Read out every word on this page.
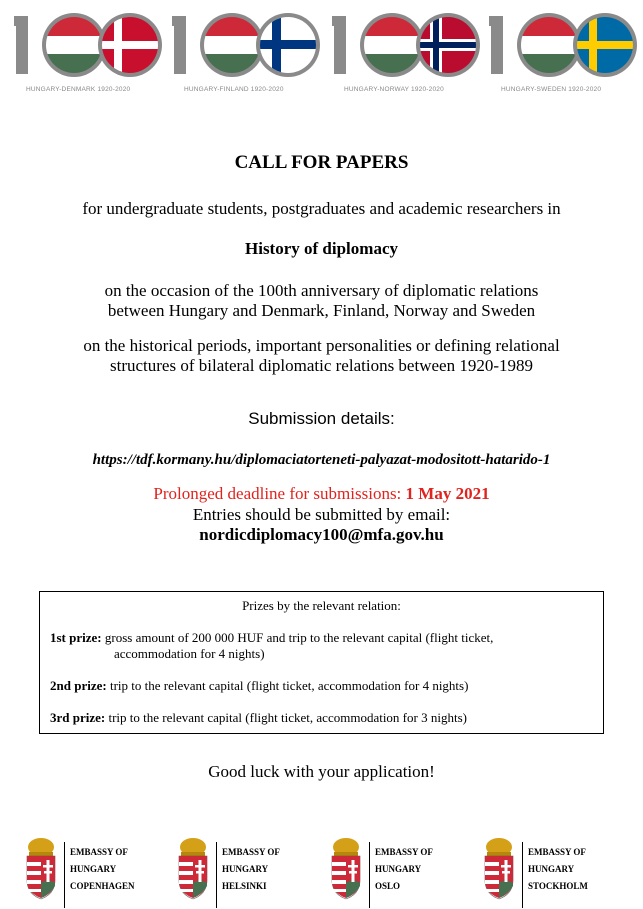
HUNGARY-DENMARK 1920-2020	HUNGARY-FINLAND 1920-2020	HUNGARY-NORWAY 1920-2020	HUNGARY-SWEDEN 1920-2020
CALL FOR PAPERS
for undergraduate students, postgraduates and academic researchers in
History of diplomacy
on the occasion of the 100th anniversary of diplomatic relations
between Hungary and Denmark, Finland, Norway and Sweden
on the historical periods, important personalities or defining relational
structures of bilateral diplomatic relations between 1920-1989
Submission details:
https://tdf.kormany.hu/diplomaciatorteneti-palyazat-modositott-hatarido-1
Prolonged deadline for submissions: 1 May 2021
Entries should be submitted by email:
nordicdiplomacy100@mfa.gov.hu
Prizes by the relevant relation:
1st prize: gross amount of 200 000 HUF and trip to the relevant capital (flight ticket,
accommodation for 4 nights)
2nd prize: trip to the relevant capital (flight ticket, accommodation for 4 nights)
3rd prize: trip to the relevant capital (flight ticket, accommodation for 3 nights)
Good luck with your application!
EMBASSY OF
HUNGARY
COPENHAGEN
EMBASSY OF
HUNGARY
HELSINKI
EMBASSY OF
HUNGARY
OSLO
EMBASSY OF
HUNGARY
STOCKHOLM
